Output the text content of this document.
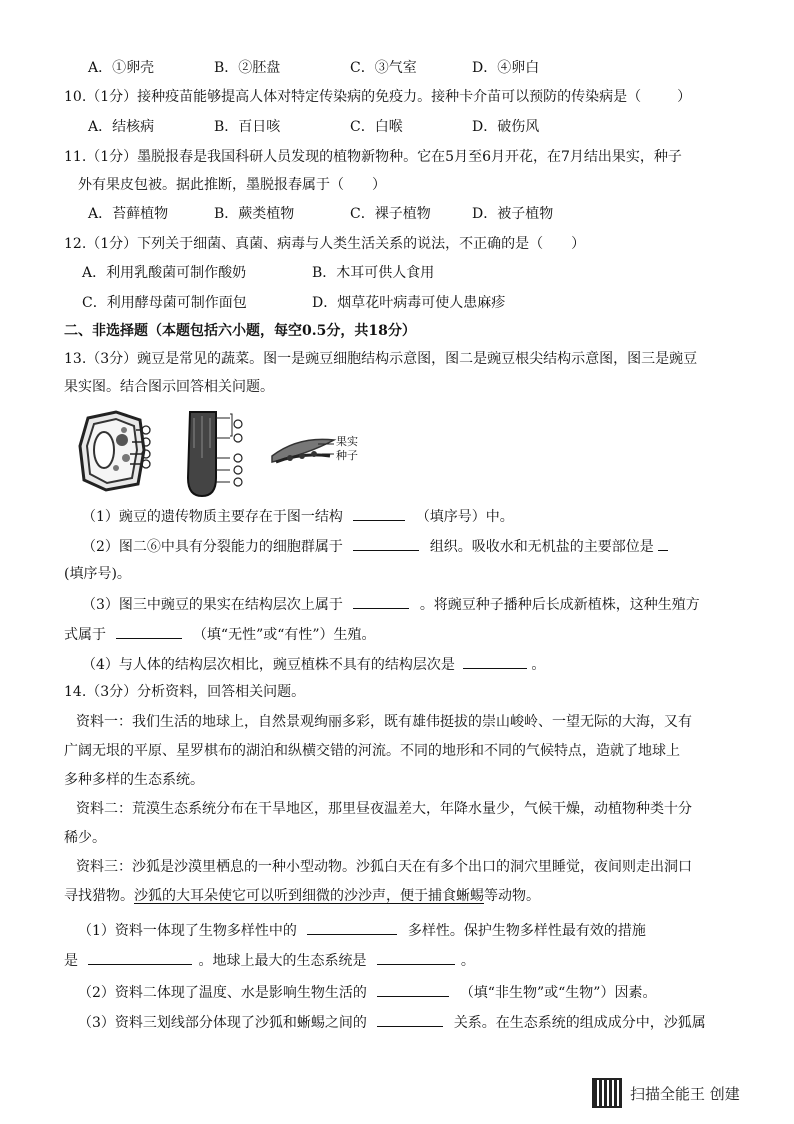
A．①卵壳	B．②胚盘	C．③气室	D．④卵白
10.（1分）接种疫苗能够提高人体对特定传染病的免疫力。接种卡介苗可以预防的传染病是（	）
A．结核病	B．百日咳	C．白喉	D．破伤风
11.（1分）墨脱报春是我国科研人员发现的植物新物种。它在5月至6月开花，在7月结出果实，种子
外有果皮包被。据此推断，墨脱报春属于（　　）
A．苔藓植物	B．蕨类植物	C．裸子植物	D．被子植物
12.（1分）下列关于细菌、真菌、病毒与人类生活关系的说法，不正确的是（　　）
A．利用乳酸菌可制作酸奶	B．木耳可供人食用
C．利用酵母菌可制作面包	D．烟草花叶病毒可使人患麻疹
二、非选择题（本题包括六小题，每空0.5分，共18分）
13.（3分）豌豆是常见的蔬菜。图一是豌豆细胞结构示意图，图二是豌豆根尖结构示意图，图三是豌豆
果实图。结合图示回答相关问题。
果实
种子
（1）豌豆的遗传物质主要存在于图一结构	（填序号）中。
（2）图二⑥中具有分裂能力的细胞群属于	组织。吸收水和无机盐的主要部位是
(填序号)。
（3）图三中豌豆的果实在结构层次上属于	。将豌豆种子播种后长成新植株，这种生殖方
式属于	（填“无性”或“有性”）生殖。
（4）与人体的结构层次相比，豌豆植株不具有的结构层次是	。
14.（3分）分析资料，回答相关问题。
资料一：我们生活的地球上，自然景观绚丽多彩，既有雄伟挺拔的崇山峻岭、一望无际的大海，又有
广阔无垠的平原、星罗棋布的湖泊和纵横交错的河流。不同的地形和不同的气候特点，造就了地球上
多种多样的生态系统。
资料二：荒漠生态系统分布在干旱地区，那里昼夜温差大，年降水量少，气候干燥，动植物种类十分
稀少。
资料三：沙狐是沙漠里栖息的一种小型动物。沙狐白天在有多个出口的洞穴里睡觉，夜间则走出洞口
寻找猎物。沙狐的大耳朵使它可以听到细微的沙沙声，便于捕食蜥蜴等动物。
（1）资料一体现了生物多样性中的	多样性。保护生物多样性最有效的措施
是	。地球上最大的生态系统是	。
（2）资料二体现了温度、水是影响生物生活的	（填“非生物”或“生物”）因素。
（3）资料三划线部分体现了沙狐和蜥蜴之间的	关系。在生态系统的组成成分中，沙狐属
扫描全能王 创建
